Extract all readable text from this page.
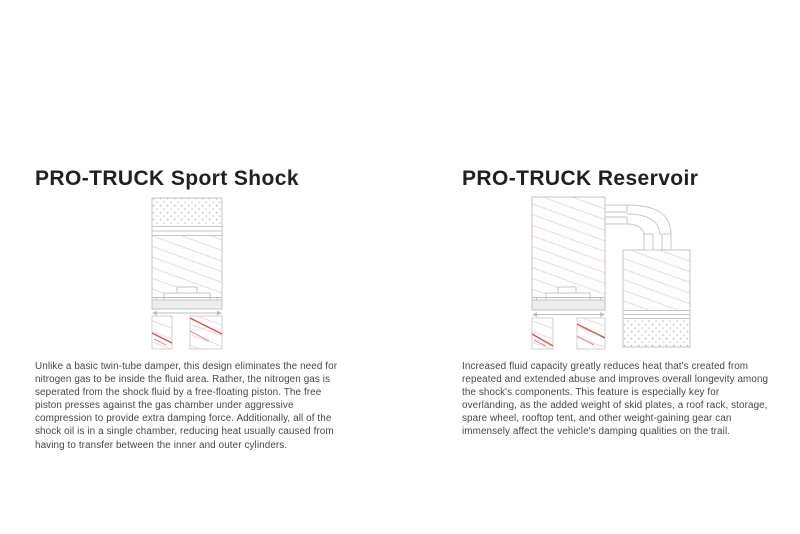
PRO-TRUCK Sport Shock
Unlike a basic twin-tube damper, this design eliminates the need for
nitrogen gas to be inside the fluid area. Rather, the nitrogen gas is
seperated from the shock fluid by a free-floating piston. The free
piston presses against the gas chamber under aggressive
compression to provide extra damping force. Additionally, all of the
shock oil is in a single chamber, reducing heat usually caused from
having to transfer between the inner and outer cylinders.
PRO-TRUCK Reservoir
Increased fluid capacity greatly reduces heat that's created from
repeated and extended abuse and improves overall longevity among
the shock's components. This feature is especially key for
overlanding, as the added weight of skid plates, a roof rack, storage,
spare wheel, rooftop tent, and other weight-gaining gear can
immensely affect the vehicle's damping qualities on the trail.
